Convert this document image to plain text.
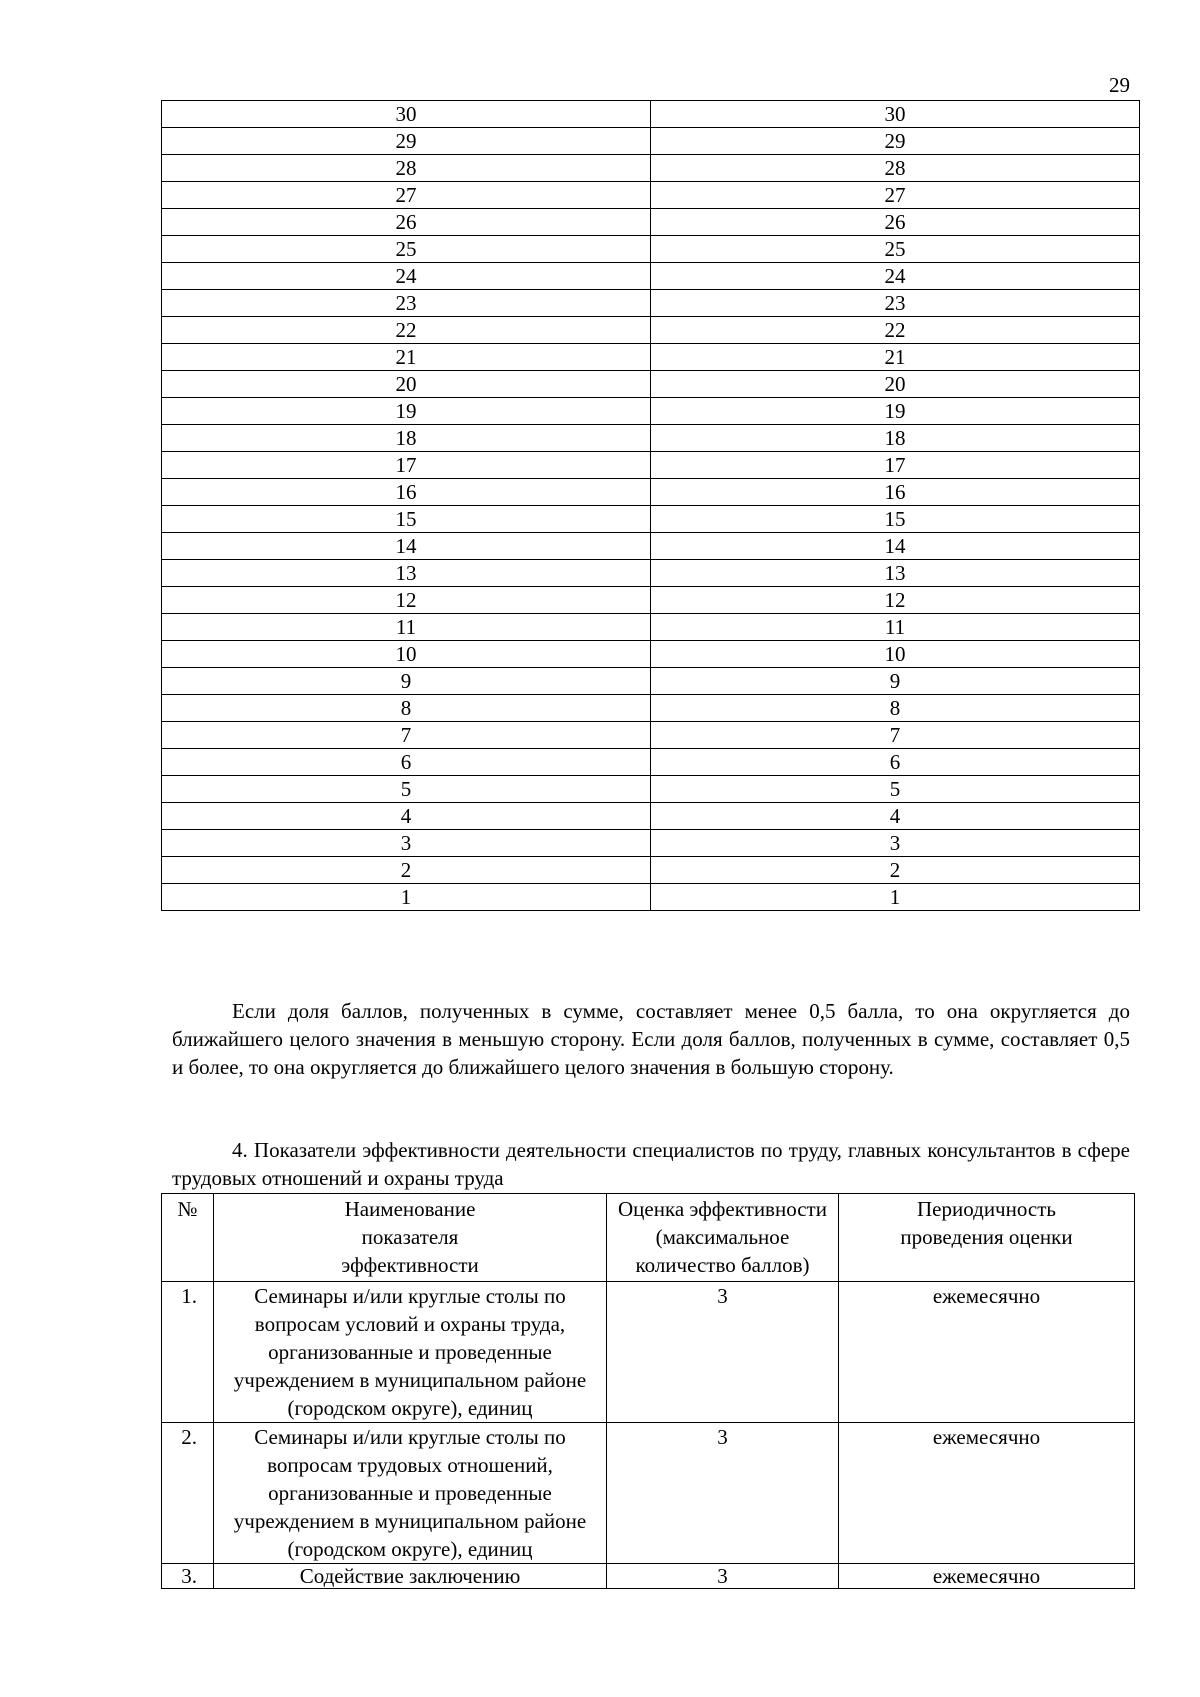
29
30	30
29	29
28	28
27	27
26	26
25	25
24	24
23	23
22	22
21	21
20	20
19	19
18	18
17	17
16	16
15	15
14	14
13	13
12	12
11	11
10	10
9	9
8	8
7	7
6	6
5	5
4	4
3	3
2	2
1	1

Если доля баллов, полученных в сумме, составляет менее 0,5 балла, то она округляется до ближайшего целого значения в меньшую сторону. Если доля баллов, полученных в сумме, составляет 0,5 и более, то она округляется до ближайшего целого значения в большую сторону.

4. Показатели эффективности деятельности специалистов по труду, главных консультантов в сфере трудовых отношений и охраны труда

№	Наименование показателя эффективности	Оценка эффективности (максимальное количество баллов)	Периодичность проведения оценки
1.	Семинары и/или круглые столы по вопросам условий и охраны труда, организованные и проведенные учреждением в муниципальном районе (городском округе), единиц	3	ежемесячно
2.	Семинары и/или круглые столы по вопросам трудовых отношений, организованные и проведенные учреждением в муниципальном районе (городском округе), единиц	3	ежемесячно
3.	Содействие заключению	3	ежемесячно
